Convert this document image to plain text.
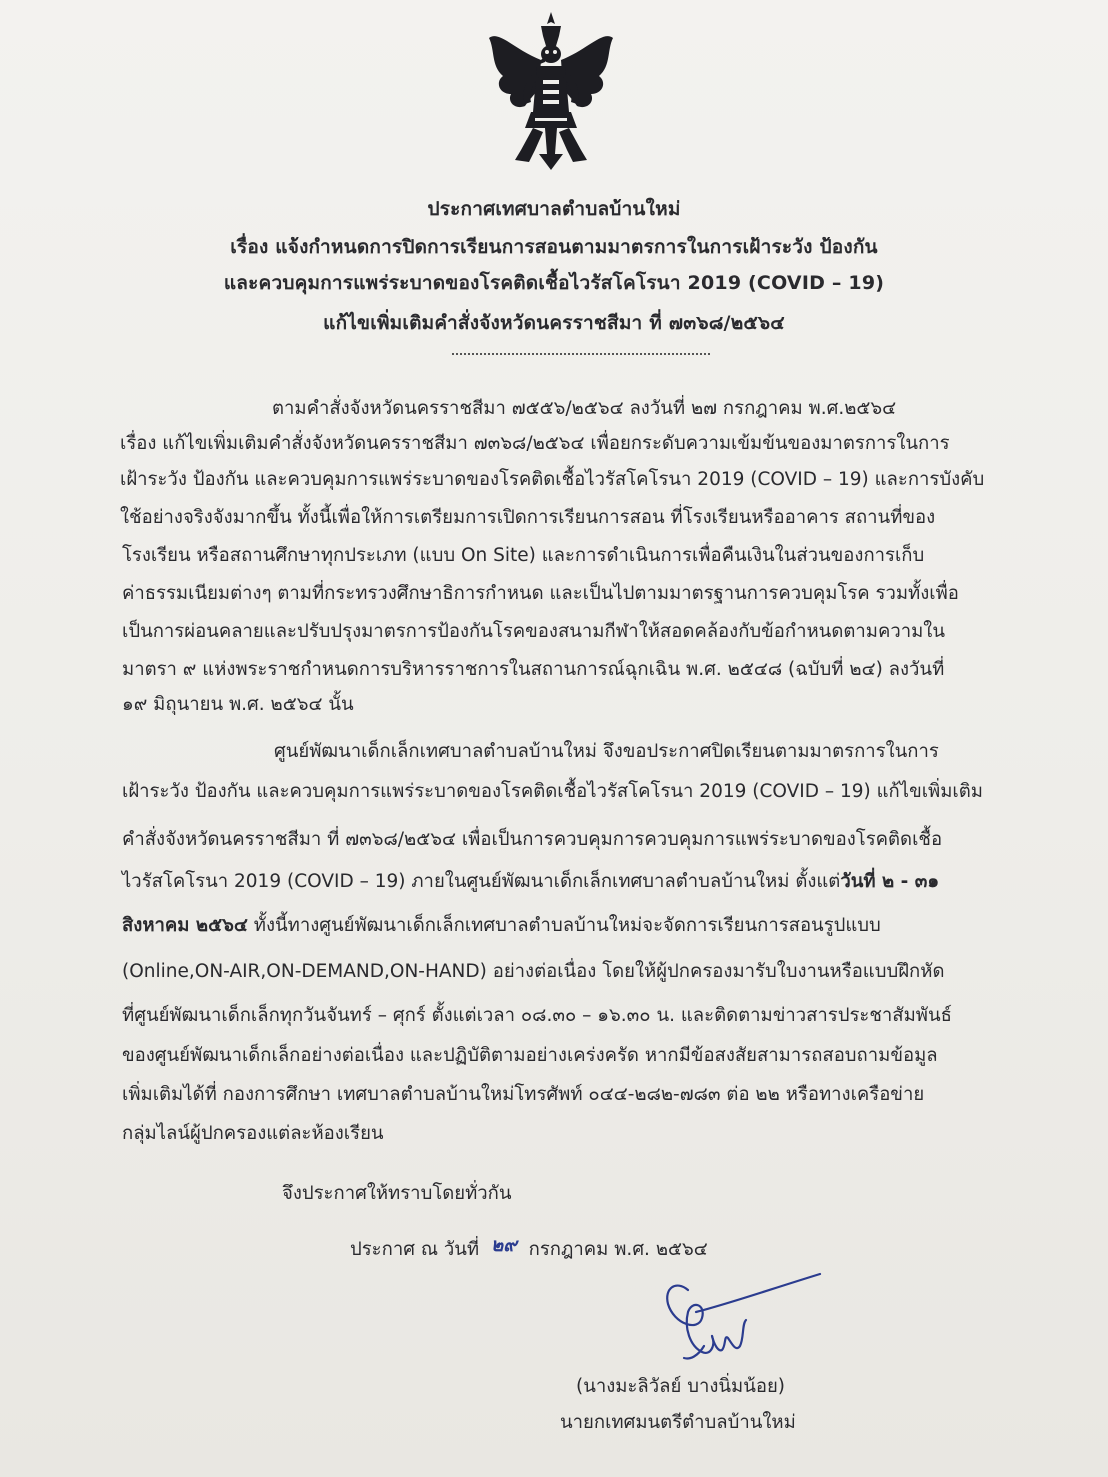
ประกาศเทศบาลตำบลบ้านใหม่
เรื่อง แจ้งกำหนดการปิดการเรียนการสอนตามมาตรการในการเฝ้าระวัง ป้องกัน
และควบคุมการแพร่ระบาดของโรคติดเชื้อไวรัสโคโรนา 2019 (COVID – 19)
แก้ไขเพิ่มเติมคำสั่งจังหวัดนครราชสีมา ที่ ๗๓๖๘/๒๕๖๔
ตามคำสั่งจังหวัดนครราชสีมา ๗๕๕๖/๒๕๖๔ ลงวันที่ ๒๗ กรกฎาคม พ.ศ.๒๕๖๔
เรื่อง แก้ไขเพิ่มเติมคำสั่งจังหวัดนครราชสีมา ๗๓๖๘/๒๕๖๔ เพื่อยกระดับความเข้มข้นของมาตรการในการ
เฝ้าระวัง ป้องกัน และควบคุมการแพร่ระบาดของโรคติดเชื้อไวรัสโคโรนา 2019 (COVID – 19) และการบังคับ
ใช้อย่างจริงจังมากขึ้น ทั้งนี้เพื่อให้การเตรียมการเปิดการเรียนการสอน ที่โรงเรียนหรืออาคาร สถานที่ของ
โรงเรียน หรือสถานศึกษาทุกประเภท (แบบ On Site) และการดำเนินการเพื่อคืนเงินในส่วนของการเก็บ
ค่าธรรมเนียมต่างๆ ตามที่กระทรวงศึกษาธิการกำหนด และเป็นไปตามมาตรฐานการควบคุมโรค รวมทั้งเพื่อ
เป็นการผ่อนคลายและปรับปรุงมาตรการป้องกันโรคของสนามกีฬาให้สอดคล้องกับข้อกำหนดตามความใน
มาตรา ๙ แห่งพระราชกำหนดการบริหารราชการในสถานการณ์ฉุกเฉิน พ.ศ. ๒๕๔๘ (ฉบับที่ ๒๔) ลงวันที่
๑๙ มิถุนายน พ.ศ. ๒๕๖๔ นั้น
ศูนย์พัฒนาเด็กเล็กเทศบาลตำบลบ้านใหม่ จึงขอประกาศปิดเรียนตามมาตรการในการ
เฝ้าระวัง ป้องกัน และควบคุมการแพร่ระบาดของโรคติดเชื้อไวรัสโคโรนา 2019 (COVID – 19) แก้ไขเพิ่มเติม
คำสั่งจังหวัดนครราชสีมา ที่ ๗๓๖๘/๒๕๖๔ เพื่อเป็นการควบคุมการควบคุมการแพร่ระบาดของโรคติดเชื้อ
ไวรัสโคโรนา 2019 (COVID – 19) ภายในศูนย์พัฒนาเด็กเล็กเทศบาลตำบลบ้านใหม่ ตั้งแต่วันที่ ๒ - ๓๑
สิงหาคม ๒๕๖๔ ทั้งนี้ทางศูนย์พัฒนาเด็กเล็กเทศบาลตำบลบ้านใหม่จะจัดการเรียนการสอนรูปแบบ
(Online,ON-AIR,ON-DEMAND,ON-HAND) อย่างต่อเนื่อง โดยให้ผู้ปกครองมารับใบงานหรือแบบฝึกหัด
ที่ศูนย์พัฒนาเด็กเล็กทุกวันจันทร์ – ศุกร์ ตั้งแต่เวลา ๐๘.๓๐ – ๑๖.๓๐ น. และติดตามข่าวสารประชาสัมพันธ์
ของศูนย์พัฒนาเด็กเล็กอย่างต่อเนื่อง และปฏิบัติตามอย่างเคร่งครัด หากมีข้อสงสัยสามารถสอบถามข้อมูล
เพิ่มเติมได้ที่ กองการศึกษา เทศบาลตำบลบ้านใหม่โทรศัพท์ ๐๔๔-๒๘๒-๗๘๓ ต่อ ๒๒ หรือทางเครือข่าย
กลุ่มไลน์ผู้ปกครองแต่ละห้องเรียน
จึงประกาศให้ทราบโดยทั่วกัน
ประกาศ ณ วันที่ ๒๙ กรกฎาคม พ.ศ. ๒๕๖๔
(นางมะลิวัลย์ บางนิ่มน้อย)
นายกเทศมนตรีตำบลบ้านใหม่
